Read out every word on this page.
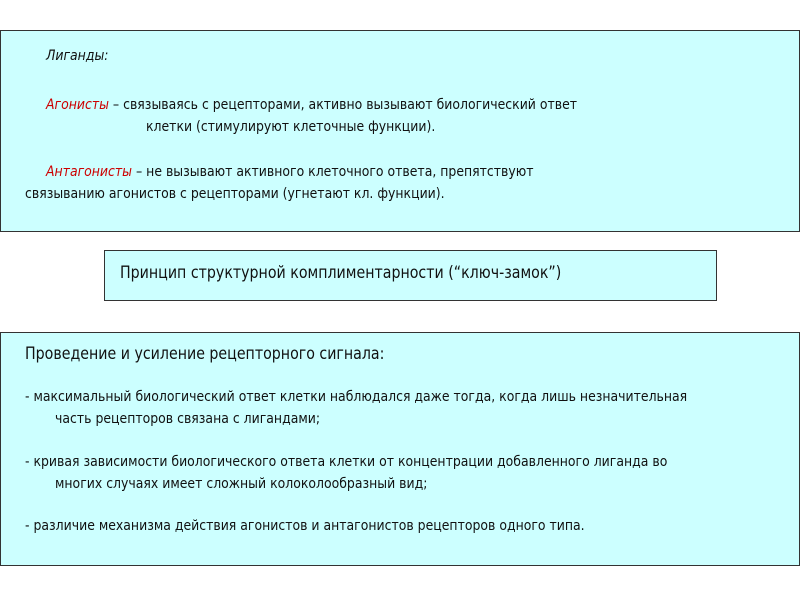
Лиганды:
Агонисты – связываясь с рецепторами, активно вызывают биологический ответ
клетки (стимулируют клеточные функции).
Антагонисты – не вызывают активного клеточного ответа, препятствуют
связыванию агонистов с рецепторами (угнетают кл. функции).
Принцип структурной комплиментарности (“ключ-замок”)
Проведение и усиление рецепторного сигнала:
- максимальный биологический ответ клетки наблюдался даже тогда, когда лишь незначительная
часть рецепторов связана с лигандами;
- кривая зависимости биологического ответа клетки от концентрации добавленного лиганда во
многих случаях имеет сложный колоколообразный вид;
- различие механизма действия агонистов и антагонистов рецепторов одного типа.
